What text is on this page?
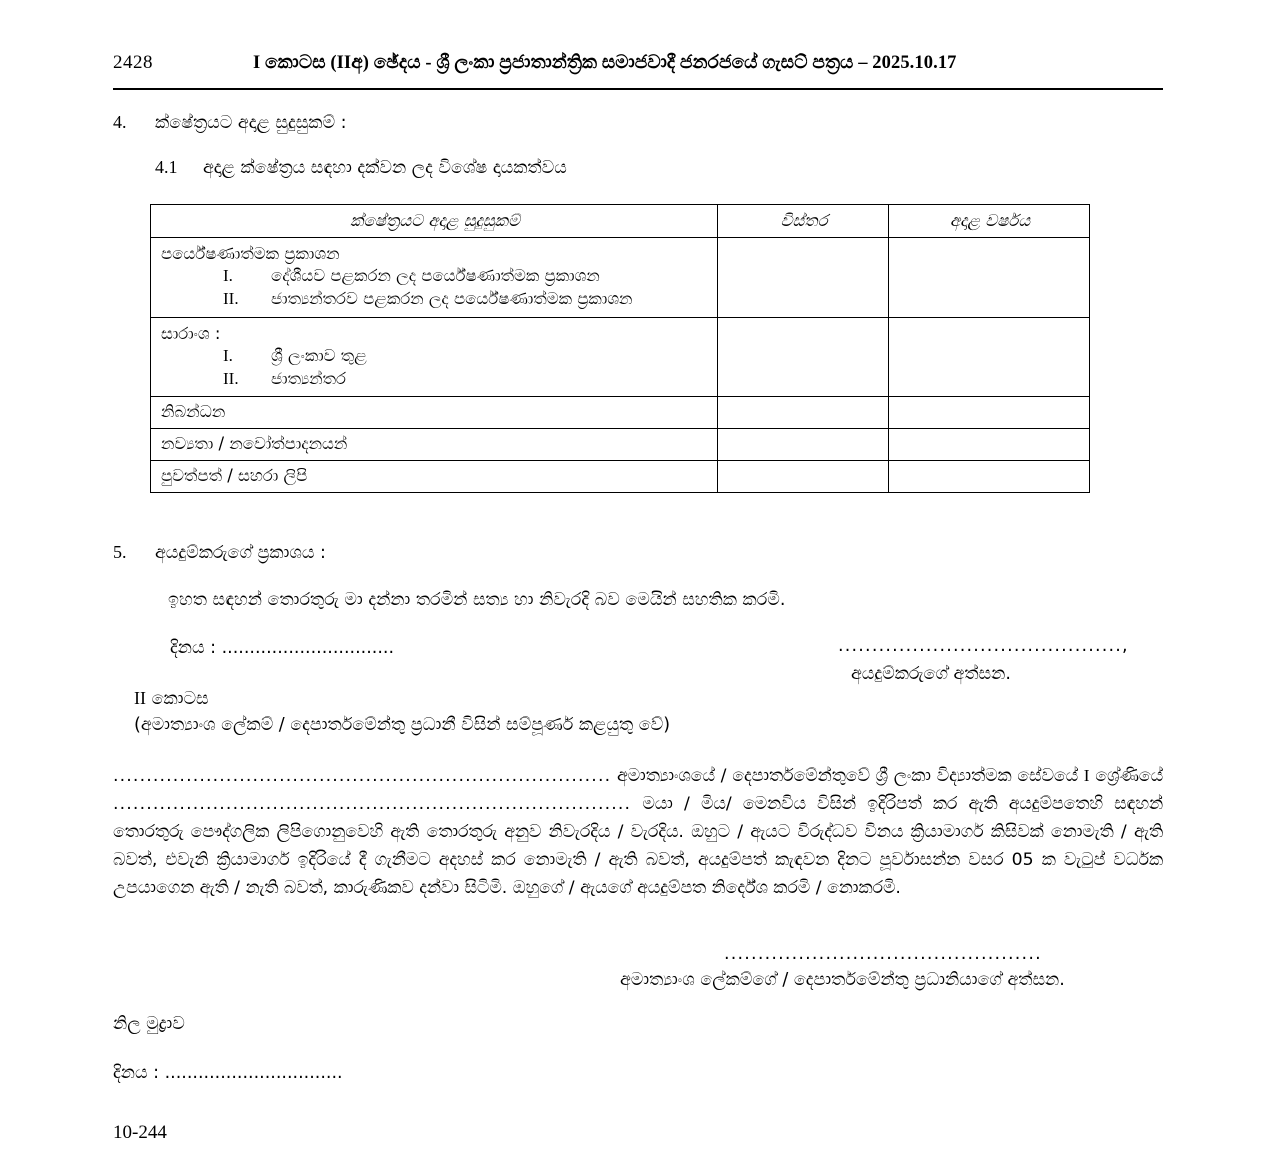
2428	I කොටස (IIඅ) ඡේදය - ශ්‍රී ලංකා ප්‍රජාතාන්ත්‍රික සමාජවාදී ජනරජයේ ගැසට් පත්‍රය – 2025.10.17
4. ක්ෂේත්‍රයට අදාළ සුදුසුකම් :
4.1 අදාළ ක්ෂේත්‍රය සඳහා දක්වන ලද විශේෂ දායකත්වය
ක්ෂේත්‍රයට අදාළ සුදුසුකම්	විස්තර	අදාළ වර්ෂය

පර්යේෂණාත්මක ප්‍රකාශන
I.	දේශීයව පළකරන ලද පර්යේෂණාත්මක ප්‍රකාශන
II.	ජාත්‍යන්තරව පළකරන ලද පර්යේෂණාත්මක ප්‍රකාශන

සාරාංශ :
I.	ශ්‍රී ලංකාව තුළ
II.	ජාත්‍යන්තර

නිබන්ධන		
නව්‍යතා / නවෝත්පාදනයන්		
පුවත්පත් / සහරා ලිපි		
5. අයදුම්කරුගේ ප්‍රකාශය :
ඉහත සඳහන් තොරතුරු මා දන්නා තරමින් සත්‍ය හා නිවැරදි බව මෙයින් සහතික කරමි.
දිනය : ...............................	..........................................,
අයදුම්කරුගේ අත්සන.
II කොටස
(අමාත්‍යාංශ ලේකම් / දෙපාර්තමේන්තු ප්‍රධානී විසින් සම්පූර්ණ කළයුතු වේ)
........................................................................... අමාත්‍යාංශයේ / දෙපාර්තමේන්තුවේ ශ්‍රී ලංකා විද්‍යාත්මක සේවයේ I ශ්‍රේණියේ .............................................................................. මයා / මිය/ මෙනවිය විසින් ඉදිරිපත් කර ඇති අයදුම්පතෙහි සඳහන් තොරතුරු පෞද්ගලික ලිපිගොනුවෙහි ඇති තොරතුරු අනුව නිවැරදිය / වැරදිය. ඔහුට / ඇයට විරුද්ධව විනය ක්‍රියාමාර්ග කිසිවක් නොමැති / ඇති බවත්, එවැනි ක්‍රියාමාර්ග ඉදිරියේ දී ගැනීමට අදහස් කර නොමැති / ඇති බවත්, අයදුම්පත් කැඳවන දිනට පූර්වාසන්න වසර 05 ක වැටුප් වර්ධක උපයාගෙන ඇති / නැති බවත්, කාරුණිකව දන්වා සිටිමි. ඔහුගේ / ඇයගේ අයදුම්පත නිර්දේශ කරමි / නොකරමි.
...............................................
අමාත්‍යාංශ ලේකම්ගේ / දෙපාර්තමේන්තු ප්‍රධානියාගේ අත්සන.
නිල මුද්‍රාව
දිනය : ................................
10-244
